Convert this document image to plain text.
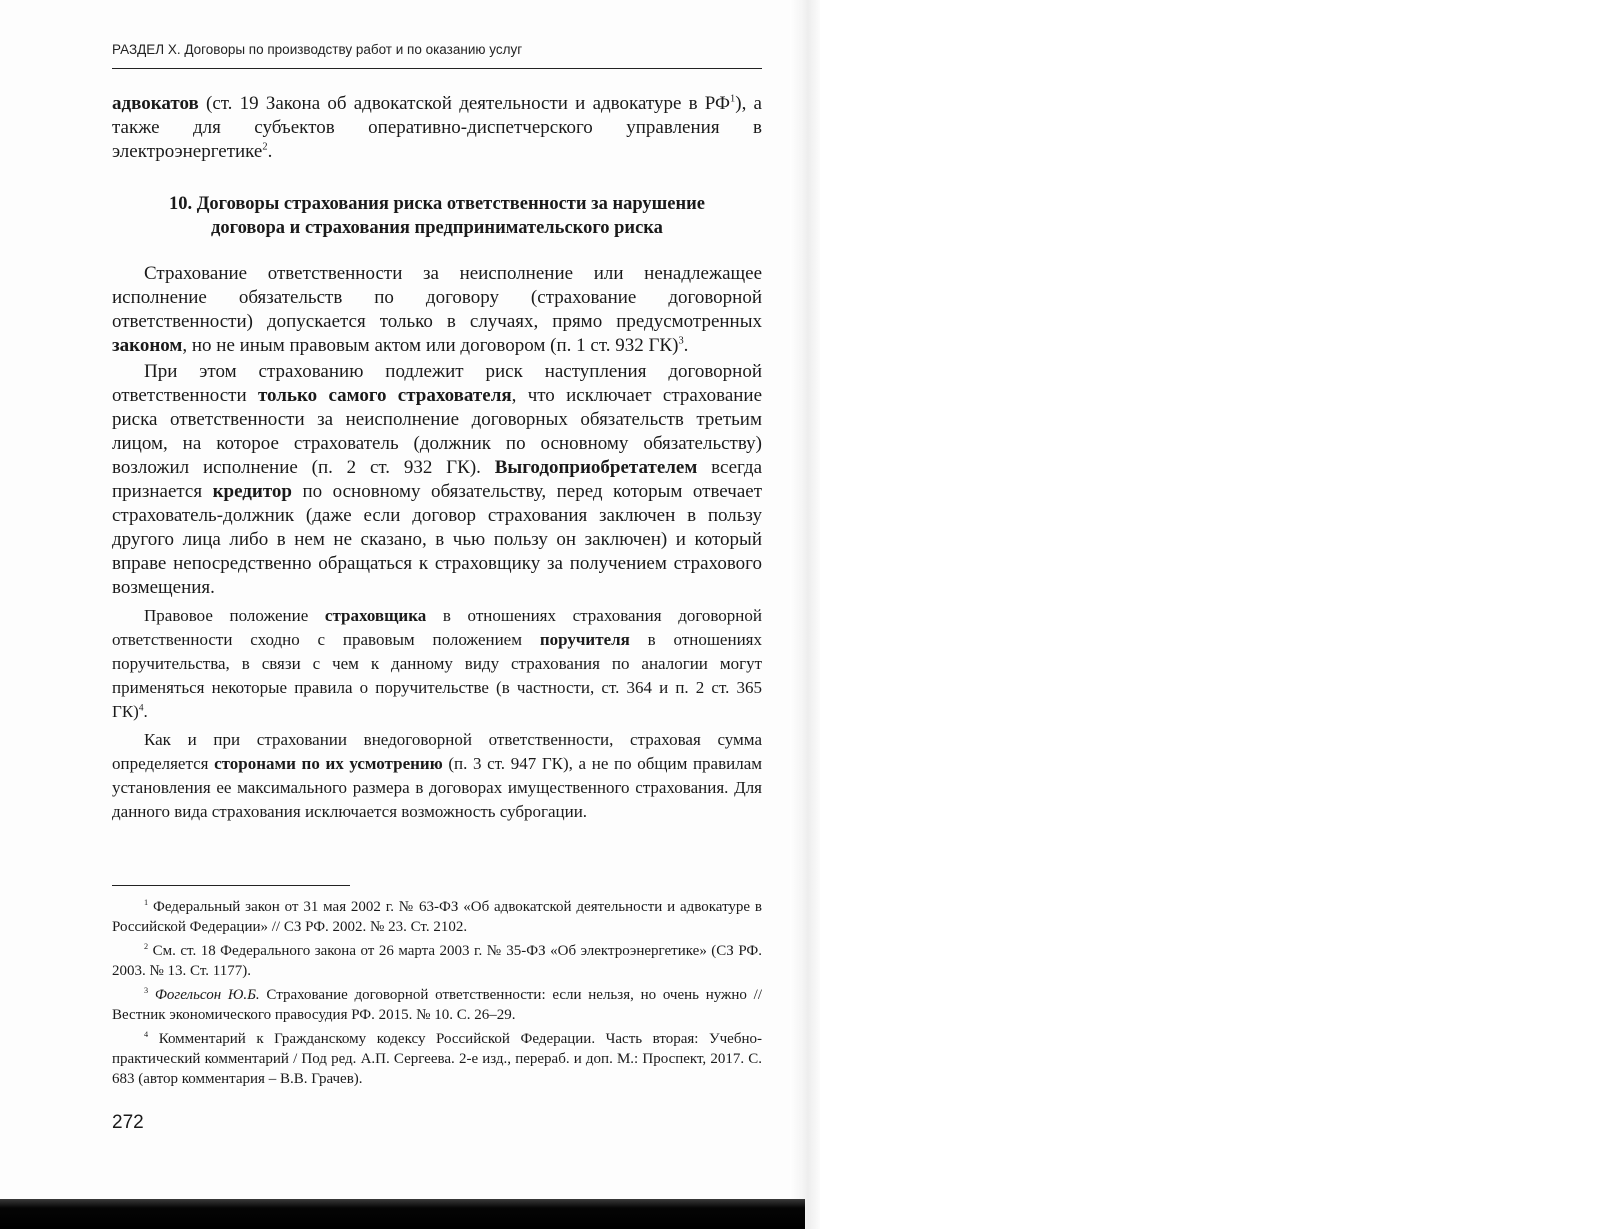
РАЗДЕЛ X. Договоры по производству работ и по оказанию услуг

адвокатов (ст. 19 Закона об адвокатской деятельности и адвокатуре в $РФ^1$), а также для субъектов оперативно-диспетчерского управления в электроэнергетике$^2$.

10. Договоры страхования риска ответственности за нарушение
договора и страхования предпринимательского риска

Страхование ответственности за неисполнение или ненадлежащее исполнение обязательств по договору (страхование договорной ответственности) допускается только в случаях, прямо предусмотренных законом, но не иным правовым актом или договором (п. 1 ст. 932 ГК)$^3$.

При этом страхованию подлежит риск наступления договорной ответственности только самого страхователя, что исключает страхование риска ответственности за неисполнение договорных обязательств третьим лицом, на которое страхователь (должник по основному обязательству) возложил исполнение (п. 2 ст. 932 ГК). Выгодоприобретателем всегда признается кредитор по основному обязательству, перед которым отвечает страхователь-должник (даже если договор страхования заключен в пользу другого лица либо в нем не сказано, в чью пользу он заключен) и который вправе непосредственно обращаться к страховщику за получением страхового возмещения.

Правовое положение страховщика в отношениях страхования договорной ответственности сходно с правовым положением поручителя в отношениях поручительства, в связи с чем к данному виду страхования по аналогии могут применяться некоторые правила о поручительстве (в частности, ст. 364 и п. 2 ст. 365 ГК)$^4$.

Как и при страховании внедоговорной ответственности, страховая сумма определяется сторонами по их усмотрению (п. 3 ст. 947 ГК), а не по общим правилам установления ее максимального размера в договорах имущественного страхования. Для данного вида страхования исключается возможность суброгации.

$^1$ Федеральный закон от 31 мая 2002 г. № 63-ФЗ «Об адвокатской деятельности и адвокатуре в Российской Федерации» // СЗ РФ. 2002. № 23. Ст. 2102.

$^2$ См. ст. 18 Федерального закона от 26 марта 2003 г. № 35-ФЗ «Об электроэнергетике» (СЗ РФ. 2003. № 13. Ст. 1177).

$^3$ Фогельсон Ю.Б. Страхование договорной ответственности: если нельзя, но очень нужно // Вестник экономического правосудия РФ. 2015. № 10. С. 26–29.

$^4$ Комментарий к Гражданскому кодексу Российской Федерации. Часть вторая: Учебно-практический комментарий / Под ред. А.П. Сергеева. 2-е изд., перераб. и доп. М.: Проспект, 2017. С. 683 (автор комментария – В.В. Грачев).

272
